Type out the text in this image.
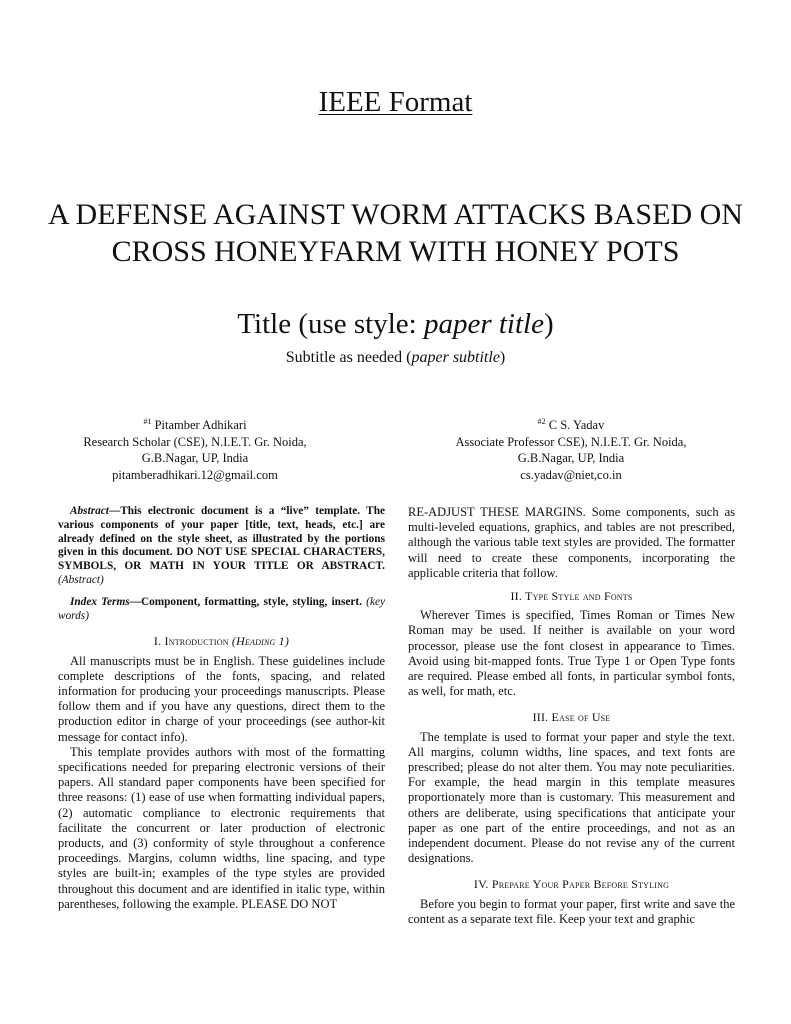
IEEE Format
A DEFENSE AGAINST WORM ATTACKS BASED ON CROSS HONEYFARM WITH HONEY POTS
Title (use style: paper title)
Subtitle as needed (paper subtitle)
$^{\#1}$ Pitamber Adhikari
Research Scholar (CSE), N.I.E.T. Gr. Noida,
G.B.Nagar, UP, India
pitamberadhikari.12@gmail.com
$^{\#2}$ C S. Yadav
Associate Professor CSE), N.I.E.T. Gr. Noida,
G.B.Nagar, UP, India
cs.yadav@niet,co.in

Abstract—This electronic document is a “live” template. The various components of your paper [title, text, heads, etc.] are already defined on the style sheet, as illustrated by the portions given in this document. DO NOT USE SPECIAL CHARACTERS, SYMBOLS, OR MATH IN YOUR TITLE OR ABSTRACT. (Abstract)

Index Terms—Component, formatting, style, styling, insert. (key words)

I. Introduction (Heading 1)

All manuscripts must be in English. These guidelines include complete descriptions of the fonts, spacing, and related information for producing your proceedings manuscripts. Please follow them and if you have any questions, direct them to the production editor in charge of your proceedings (see author-kit message for contact info).

This template provides authors with most of the formatting specifications needed for preparing electronic versions of their papers. All standard paper components have been specified for three reasons: (1) ease of use when formatting individual papers, (2) automatic compliance to electronic requirements that facilitate the concurrent or later production of electronic products, and (3) conformity of style throughout a conference proceedings. Margins, column widths, line spacing, and type styles are built-in; examples of the type styles are provided throughout this document and are identified in italic type, within parentheses, following the example. PLEASE DO NOT

RE-ADJUST THESE MARGINS. Some components, such as multi-leveled equations, graphics, and tables are not prescribed, although the various table text styles are provided. The formatter will need to create these components, incorporating the applicable criteria that follow.

II. Type Style and Fonts

Wherever Times is specified, Times Roman or Times New Roman may be used. If neither is available on your word processor, please use the font closest in appearance to Times. Avoid using bit-mapped fonts. True Type 1 or Open Type fonts are required. Please embed all fonts, in particular symbol fonts, as well, for math, etc.

III. Ease of Use

The template is used to format your paper and style the text. All margins, column widths, line spaces, and text fonts are prescribed; please do not alter them. You may note peculiarities. For example, the head margin in this template measures proportionately more than is customary. This measurement and others are deliberate, using specifications that anticipate your paper as one part of the entire proceedings, and not as an independent document. Please do not revise any of the current designations.

IV. Prepare Your Paper Before Styling

Before you begin to format your paper, first write and save the content as a separate text file. Keep your text and graphic
